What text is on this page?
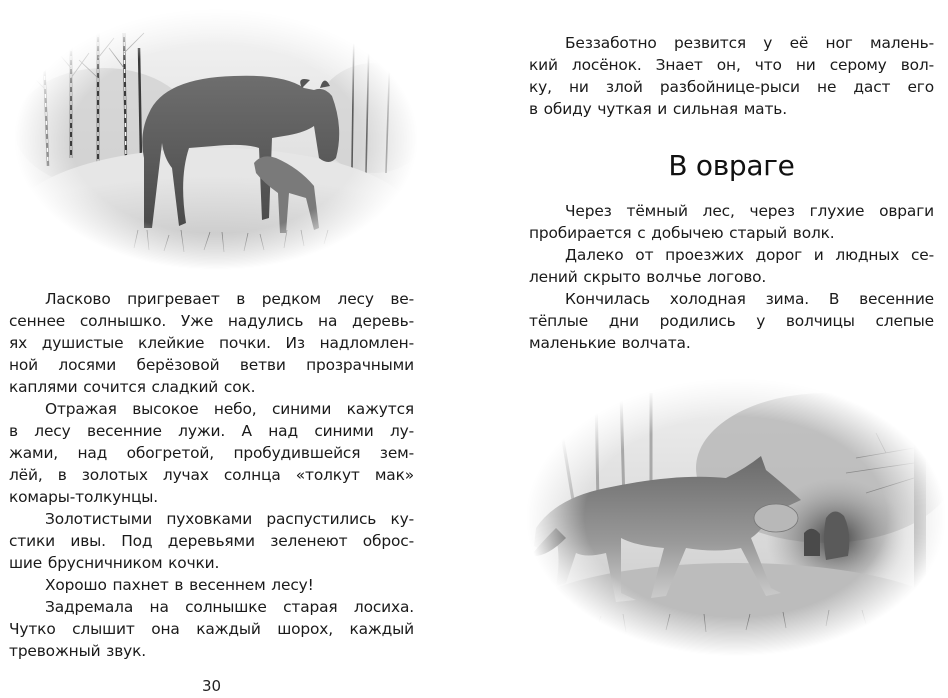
Ласково пригревает в редком лесу ве-
сеннее солнышко. Уже надулись на деревь-
ях душистые клейкие почки. Из надломлен-
ной лосями берёзовой ветви прозрачными
каплями сочится сладкий сок.

Отражая высокое небо, синими кажутся
в лесу весенние лужи. А над синими лу-
жами, над обогретой, пробудившейся зем-
лёй, в золотых лучах солнца «толкут мак»
комары-толкунцы.

Золотистыми пуховками распустились ку-
стики ивы. Под деревьями зеленеют оброс-
шие брусничником кочки.

Хорошо пахнет в весеннем лесу!

Задремала на солнышке старая лосиха.
Чутко слышит она каждый шорох, каждый
тревожный звук.

30

Беззаботно резвится у её ног малень-
кий лосёнок. Знает он, что ни серому вол-
ку, ни злой разбойнице-рыси не даст его
в обиду чуткая и сильная мать.

В овраге

Через тёмный лес, через глухие овраги
пробирается с добычею старый волк.

Далеко от проезжих дорог и людных се-
лений скрыто волчье логово.

Кончилась холодная зима. В весенние
тёплые дни родились у волчицы слепые
маленькие волчата.
